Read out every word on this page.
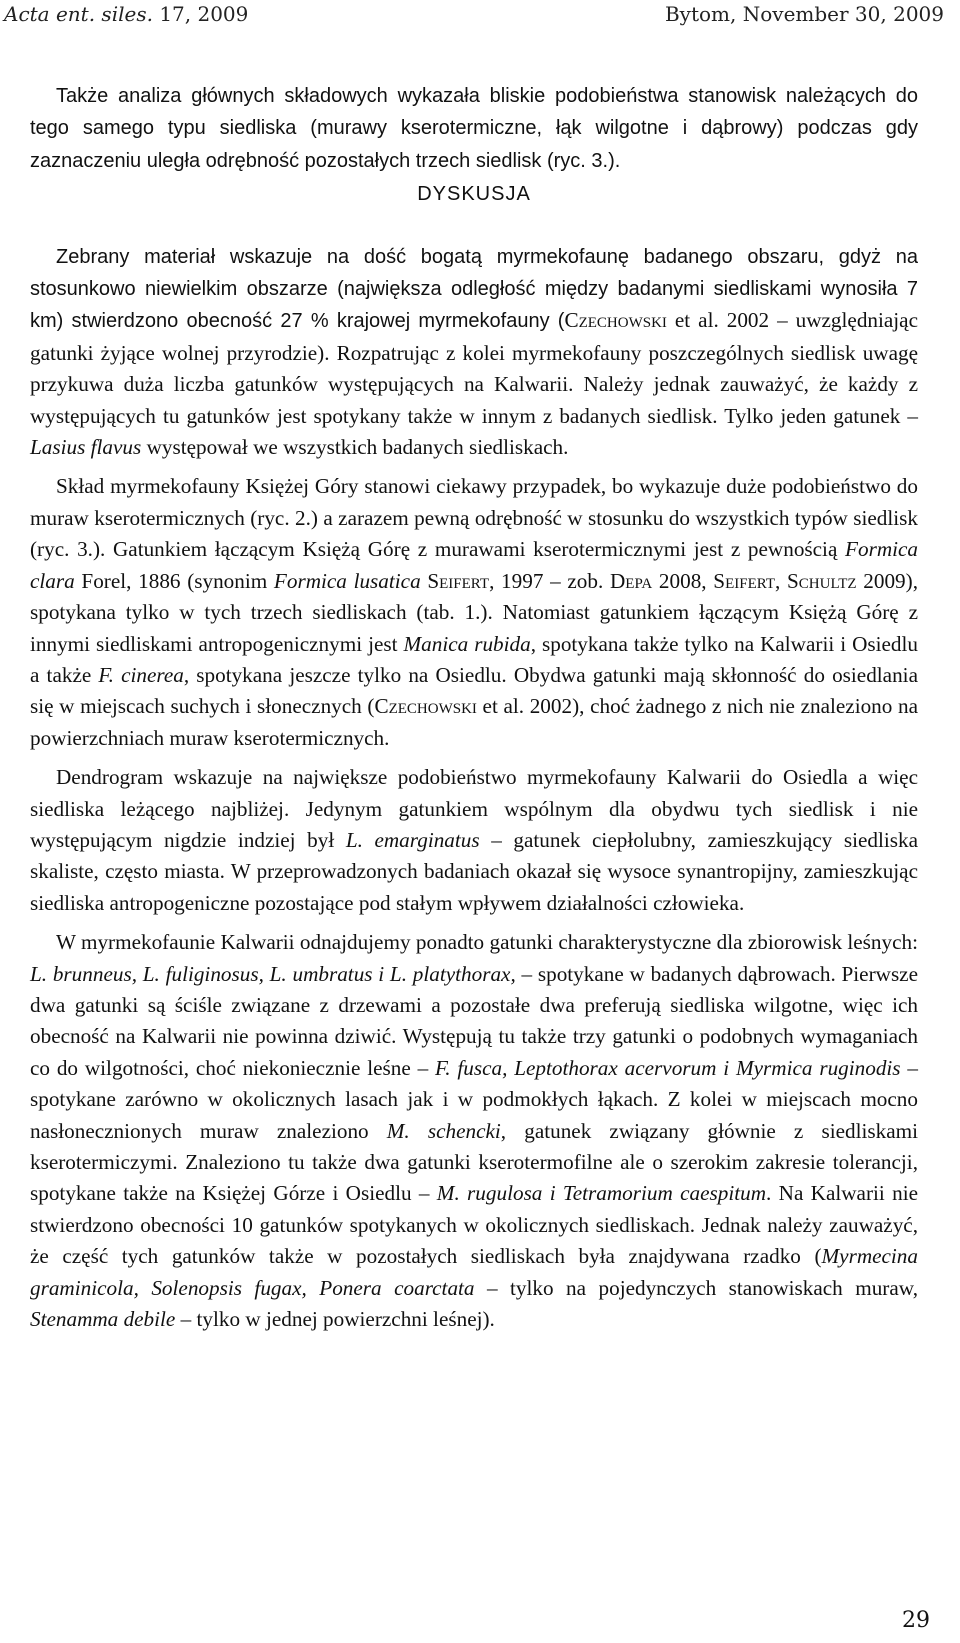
Acta ent. siles. 17, 2009	Bytom, November 30, 2009

Także analiza głównych składowych wykazała bliskie podobieństwa stanowisk należących do tego samego typu siedliska (murawy kserotermiczne, łąk wilgotne i dąbrowy) podczas gdy zaznaczeniu uległa odrębność pozostałych trzech siedlisk (ryc. 3.).

DYSKUSJA

Zebrany materiał wskazuje na dość bogatą myrmekofaunę badanego obszaru, gdyż na stosunkowo niewielkim obszarze (największa odległość między badanymi siedliskami wynosiła 7 km) stwierdzono obecność 27 % krajowej myrmekofauny (Czechowski et al. 2002 – uwzględniając gatunki żyjące wolnej przyrodzie). Rozpatrując z kolei myrmekofauny poszczególnych siedlisk uwagę przykuwa duża liczba gatunków występujących na Kalwarii. Należy jednak zauważyć, że każdy z występujących tu gatunków jest spotykany także w innym z badanych siedlisk. Tylko jeden gatunek – Lasius flavus występował we wszystkich badanych siedliskach.

Skład myrmekofauny Księżej Góry stanowi ciekawy przypadek, bo wykazuje duże podobieństwo do muraw kserotermicznych (ryc. 2.) a zarazem pewną odrębność w stosunku do wszystkich typów siedlisk (ryc. 3.). Gatunkiem łączącym Księżą Górę z murawami kserotermicznymi jest z pewnością Formica clara Forel, 1886 (synonim Formica lusatica Seifert, 1997 – zob. Depa 2008, Seifert, Schultz 2009), spotykana tylko w tych trzech siedliskach (tab. 1.). Natomiast gatunkiem łączącym Księżą Górę z innymi siedliskami antropogenicznymi jest Manica rubida, spotykana także tylko na Kalwarii i Osiedlu a także F. cinerea, spotykana jeszcze tylko na Osiedlu. Obydwa gatunki mają skłonność do osiedlania się w miejscach suchych i słonecznych (Czechowski et al. 2002), choć żadnego z nich nie znaleziono na powierzchniach muraw kserotermicznych.

Dendrogram wskazuje na największe podobieństwo myrmekofauny Kalwarii do Osiedla a więc siedliska leżącego najbliżej. Jedynym gatunkiem wspólnym dla obydwu tych siedlisk i nie występującym nigdzie indziej był L. emarginatus – gatunek ciepłolubny, zamieszkujący siedliska skaliste, często miasta. W przeprowadzonych badaniach okazał się wysoce synantropijny, zamieszkując siedliska antropogeniczne pozostające pod stałym wpływem działalności człowieka.

W myrmekofaunie Kalwarii odnajdujemy ponadto gatunki charakterystyczne dla zbiorowisk leśnych: L. brunneus, L. fuliginosus, L. umbratus i L. platythorax, – spotykane w badanych dąbrowach. Pierwsze dwa gatunki są ściśle związane z drzewami a pozostałe dwa preferują siedliska wilgotne, więc ich obecność na Kalwarii nie powinna dziwić. Występują tu także trzy gatunki o podobnych wymaganiach co do wilgotności, choć niekoniecznie leśne – F. fusca, Leptothorax acervorum i Myrmica ruginodis – spotykane zarówno w okolicznych lasach jak i w podmokłych łąkach. Z kolei w miejscach mocno nasłonecznionych muraw znaleziono M. schencki, gatunek związany głównie z siedliskami kserotermiczymi. Znaleziono tu także dwa gatunki kserotermofilne ale o szerokim zakresie tolerancji, spotykane także na Księżej Górze i Osiedlu – M. rugulosa i Tetramorium caespitum. Na Kalwarii nie stwierdzono obecności 10 gatunków spotykanych w okolicznych siedliskach. Jednak należy zauważyć, że część tych gatunków także w pozostałych siedliskach była znajdywana rzadko (Myrmecina graminicola, Solenopsis fugax, Ponera coarctata – tylko na pojedynczych stanowiskach muraw, Stenamma debile – tylko w jednej powierzchni leśnej).

29
